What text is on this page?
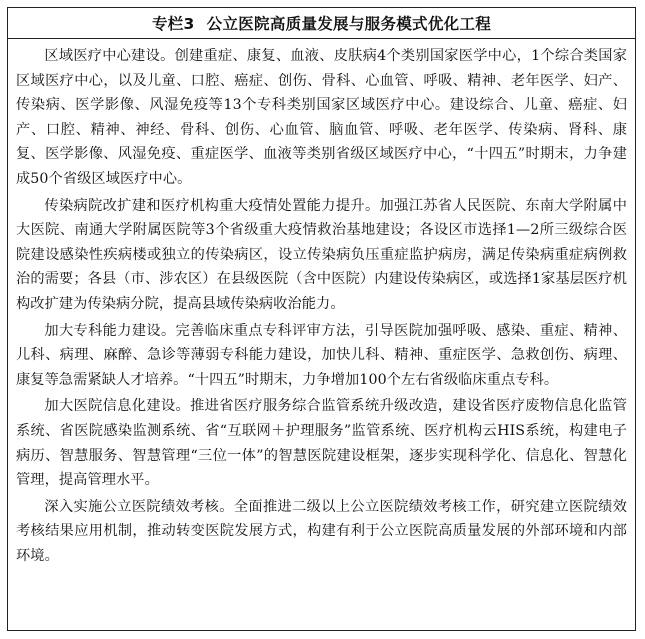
专栏3 公立医院高质量发展与服务模式优化工程

区域医疗中心建设。创建重症、康复、血液、皮肤病4个类别国家医学中心，1个综合类国家区域医疗中心，以及儿童、口腔、癌症、创伤、骨科、心血管、呼吸、精神、老年医学、妇产、传染病、医学影像、风湿免疫等13个专科类别国家区域医疗中心。建设综合、儿童、癌症、妇产、口腔、精神、神经、骨科、创伤、心血管、脑血管、呼吸、老年医学、传染病、肾科、康复、医学影像、风湿免疫、重症医学、血液等类别省级区域医疗中心，“十四五”时期末，力争建成50个省级区域医疗中心。

传染病院改扩建和医疗机构重大疫情处置能力提升。加强江苏省人民医院、东南大学附属中大医院、南通大学附属医院等3个省级重大疫情救治基地建设；各设区市选择1—2所三级综合医院建设感染性疾病楼或独立的传染病区，设立传染病负压重症监护病房，满足传染病重症病例救治的需要；各县（市、涉农区）在县级医院（含中医院）内建设传染病区，或选择1家基层医疗机构改扩建为传染病分院，提高县域传染病收治能力。

加大专科能力建设。完善临床重点专科评审方法，引导医院加强呼吸、感染、重症、精神、儿科、病理、麻醉、急诊等薄弱专科能力建设，加快儿科、精神、重症医学、急救创伤、病理、康复等急需紧缺人才培养。“十四五”时期末，力争增加100个左右省级临床重点专科。

加大医院信息化建设。推进省医疗服务综合监管系统升级改造，建设省医疗废物信息化监管系统、省医院感染监测系统、省“互联网＋护理服务”监管系统、医疗机构云HIS系统，构建电子病历、智慧服务、智慧管理“三位一体”的智慧医院建设框架，逐步实现科学化、信息化、智慧化管理，提高管理水平。

深入实施公立医院绩效考核。全面推进二级以上公立医院绩效考核工作，研究建立医院绩效考核结果应用机制，推动转变医院发展方式，构建有利于公立医院高质量发展的外部环境和内部环境。
